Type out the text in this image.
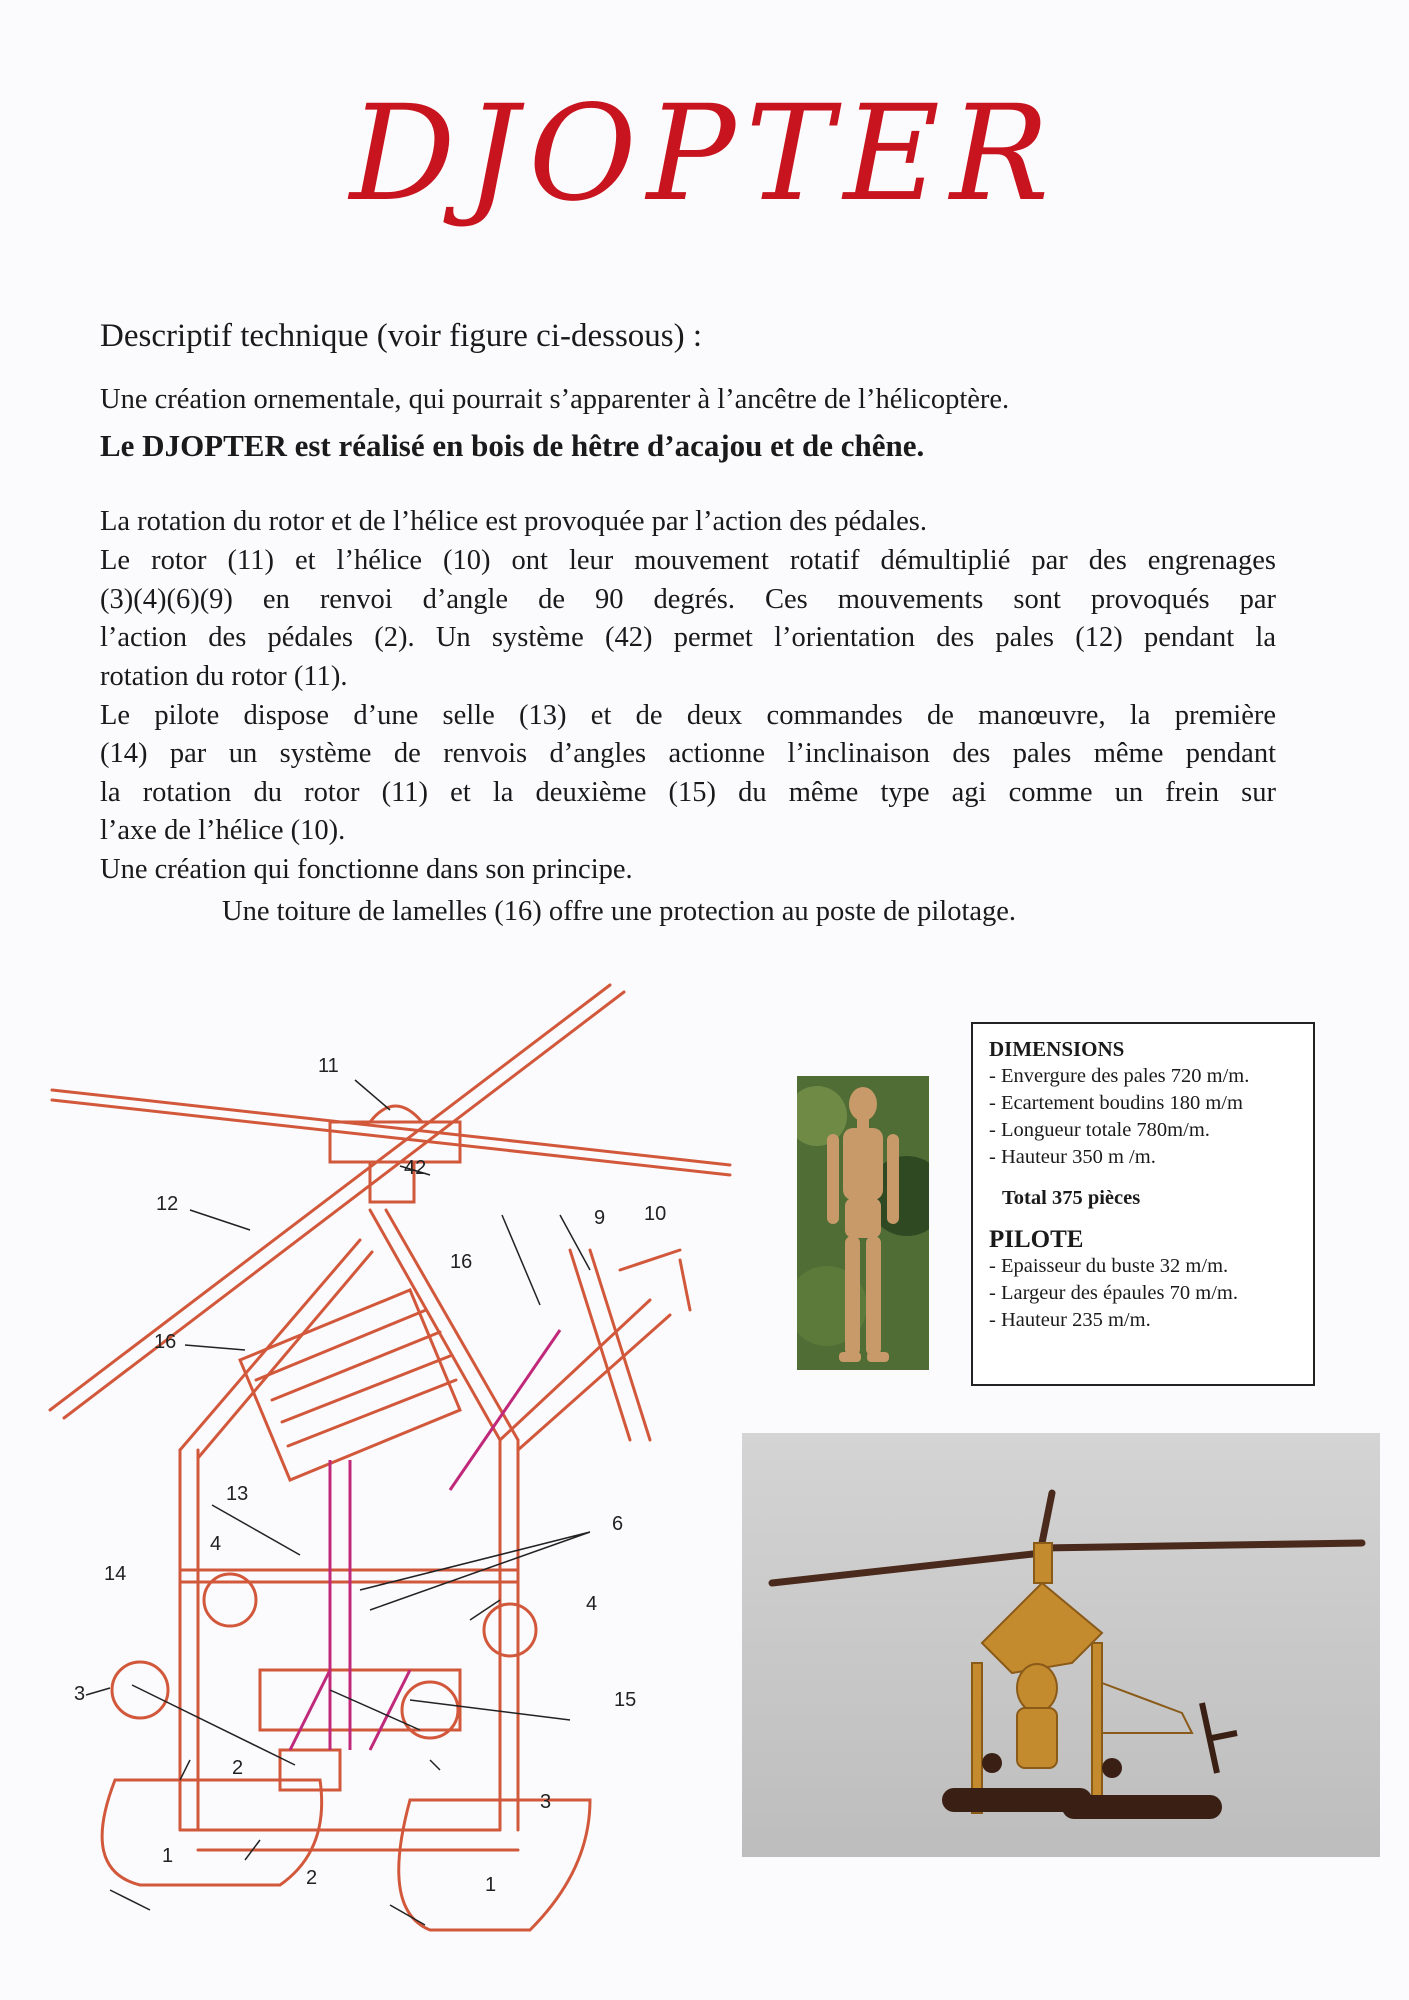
DJOPTER
Descriptif technique (voir figure ci-dessous) :
Une création ornementale, qui pourrait s’apparenter à l’ancêtre de l’hélicoptère.
Le DJOPTER est réalisé en bois de hêtre d’acajou et de chêne.
La rotation du rotor et de l’hélice est provoquée par l’action des pédales.
Le rotor (11) et l’hélice (10) ont leur mouvement rotatif démultiplié par des engrenages
(3)(4)(6)(9) en renvoi d’angle de 90 degrés. Ces mouvements sont provoqués par
l’action des pédales (2). Un système (42) permet l’orientation des pales (12) pendant la
rotation du rotor (11).
Le pilote dispose d’une selle (13) et de deux commandes de manœuvre, la première
(14) par un système de renvois d’angles actionne l’inclinaison des pales même pendant
la rotation du rotor (11) et la deuxième (15) du même type agi comme un frein sur
l’axe de l’hélice (10).
Une création qui fonctionne dans son principe.
Une toiture de lamelles (16) offre une protection au poste de pilotage.
11
42
12
16
16
9 10
13
6
4
14
4
3	15
2
3
1
2	1
DIMENSIONS
- Envergure des pales 720 m/m.
- Ecartement boudins 180 m/m
- Longueur totale 780m/m.
- Hauteur 350 m /m.
Total 375 pièces
PILOTE
- Epaisseur du buste 32 m/m.
- Largeur des épaules 70 m/m.
- Hauteur 235 m/m.
